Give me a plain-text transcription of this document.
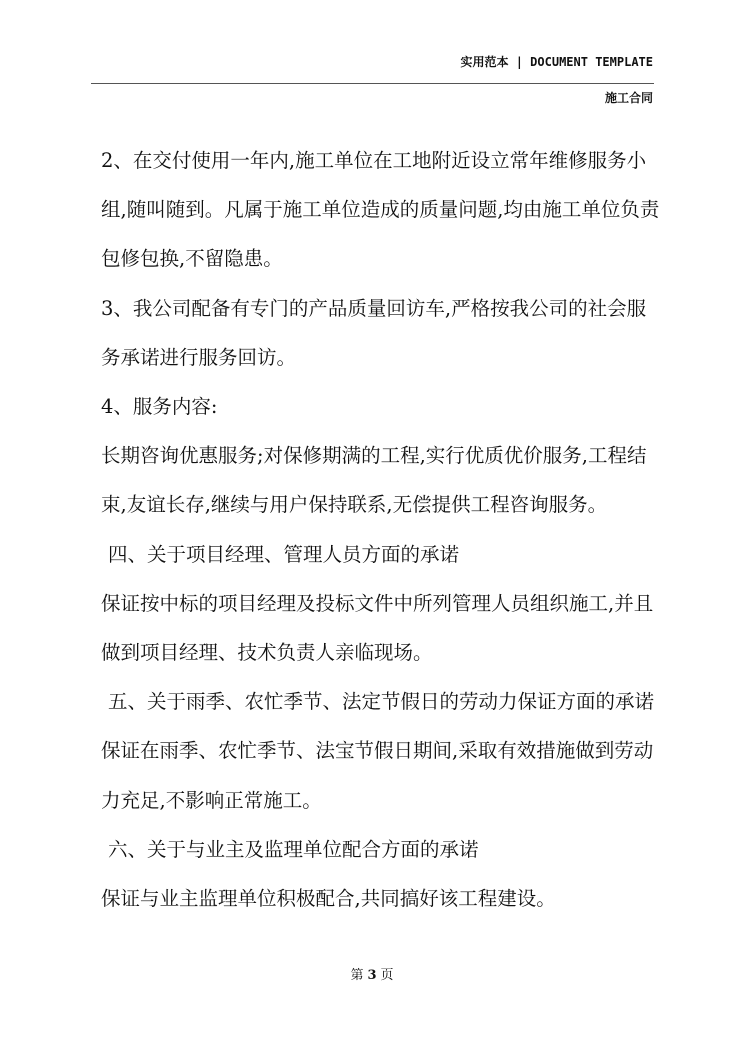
实用范本 | DOCUMENT TEMPLATE
施工合同

2、在交付使用一年内,施工单位在工地附近设立常年维修服务小组,随叫随到。凡属于施工单位造成的质量问题,均由施工单位负责包修包换,不留隐患。

3、我公司配备有专门的产品质量回访车,严格按我公司的社会服务承诺进行服务回访。

4、服务内容:

长期咨询优惠服务;对保修期满的工程,实行优质优价服务,工程结束,友谊长存,继续与用户保持联系,无偿提供工程咨询服务。

四、关于项目经理、管理人员方面的承诺

保证按中标的项目经理及投标文件中所列管理人员组织施工,并且做到项目经理、技术负责人亲临现场。

五、关于雨季、农忙季节、法定节假日的劳动力保证方面的承诺

保证在雨季、农忙季节、法宝节假日期间,采取有效措施做到劳动力充足,不影响正常施工。

六、关于与业主及监理单位配合方面的承诺

保证与业主监理单位积极配合,共同搞好该工程建设。

第 3 页
